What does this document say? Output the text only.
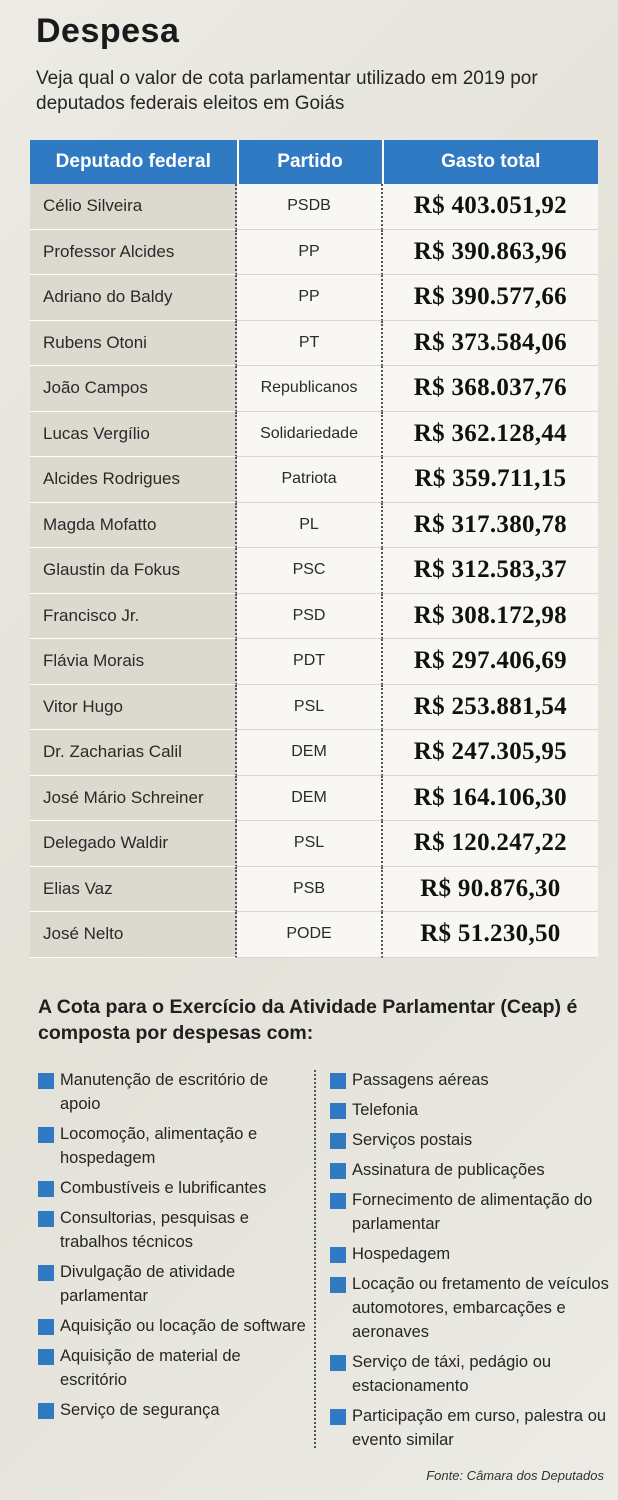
Despesa
Veja qual o valor de cota parlamentar utilizado em 2019 por deputados federais eleitos em Goiás
Deputado federal	Partido	Gasto total
Célio Silveira	PSDB	R$ 403.051,92
Professor Alcides	PP	R$ 390.863,96
Adriano do Baldy	PP	R$ 390.577,66
Rubens Otoni	PT	R$ 373.584,06
João Campos	Republicanos	R$ 368.037,76
Lucas Vergílio	Solidariedade	R$ 362.128,44
Alcides Rodrigues	Patriota	R$ 359.711,15
Magda Mofatto	PL	R$ 317.380,78
Glaustin da Fokus	PSC	R$ 312.583,37
Francisco Jr.	PSD	R$ 308.172,98
Flávia Morais	PDT	R$ 297.406,69
Vitor Hugo	PSL	R$ 253.881,54
Dr. Zacharias Calil	DEM	R$ 247.305,95
José Mário Schreiner	DEM	R$ 164.106,30
Delegado Waldir	PSL	R$ 120.247,22
Elias Vaz	PSB	R$ 90.876,30
José Nelto	PODE	R$ 51.230,50
A Cota para o Exercício da Atividade Parlamentar (Ceap) é composta por despesas com:
Manutenção de escritório de apoio
Locomoção, alimentação e hospedagem
Combustíveis e lubrificantes
Consultorias, pesquisas e trabalhos técnicos
Divulgação de atividade parlamentar
Aquisição ou locação de software
Aquisição de material de escritório
Serviço de segurança
Passagens aéreas
Telefonia
Serviços postais
Assinatura de publicações
Fornecimento de alimentação do parlamentar
Hospedagem
Locação ou fretamento de veículos automotores, embarcações e aeronaves
Serviço de táxi, pedágio ou estacionamento
Participação em curso, palestra ou evento similar
Fonte: Câmara dos Deputados
